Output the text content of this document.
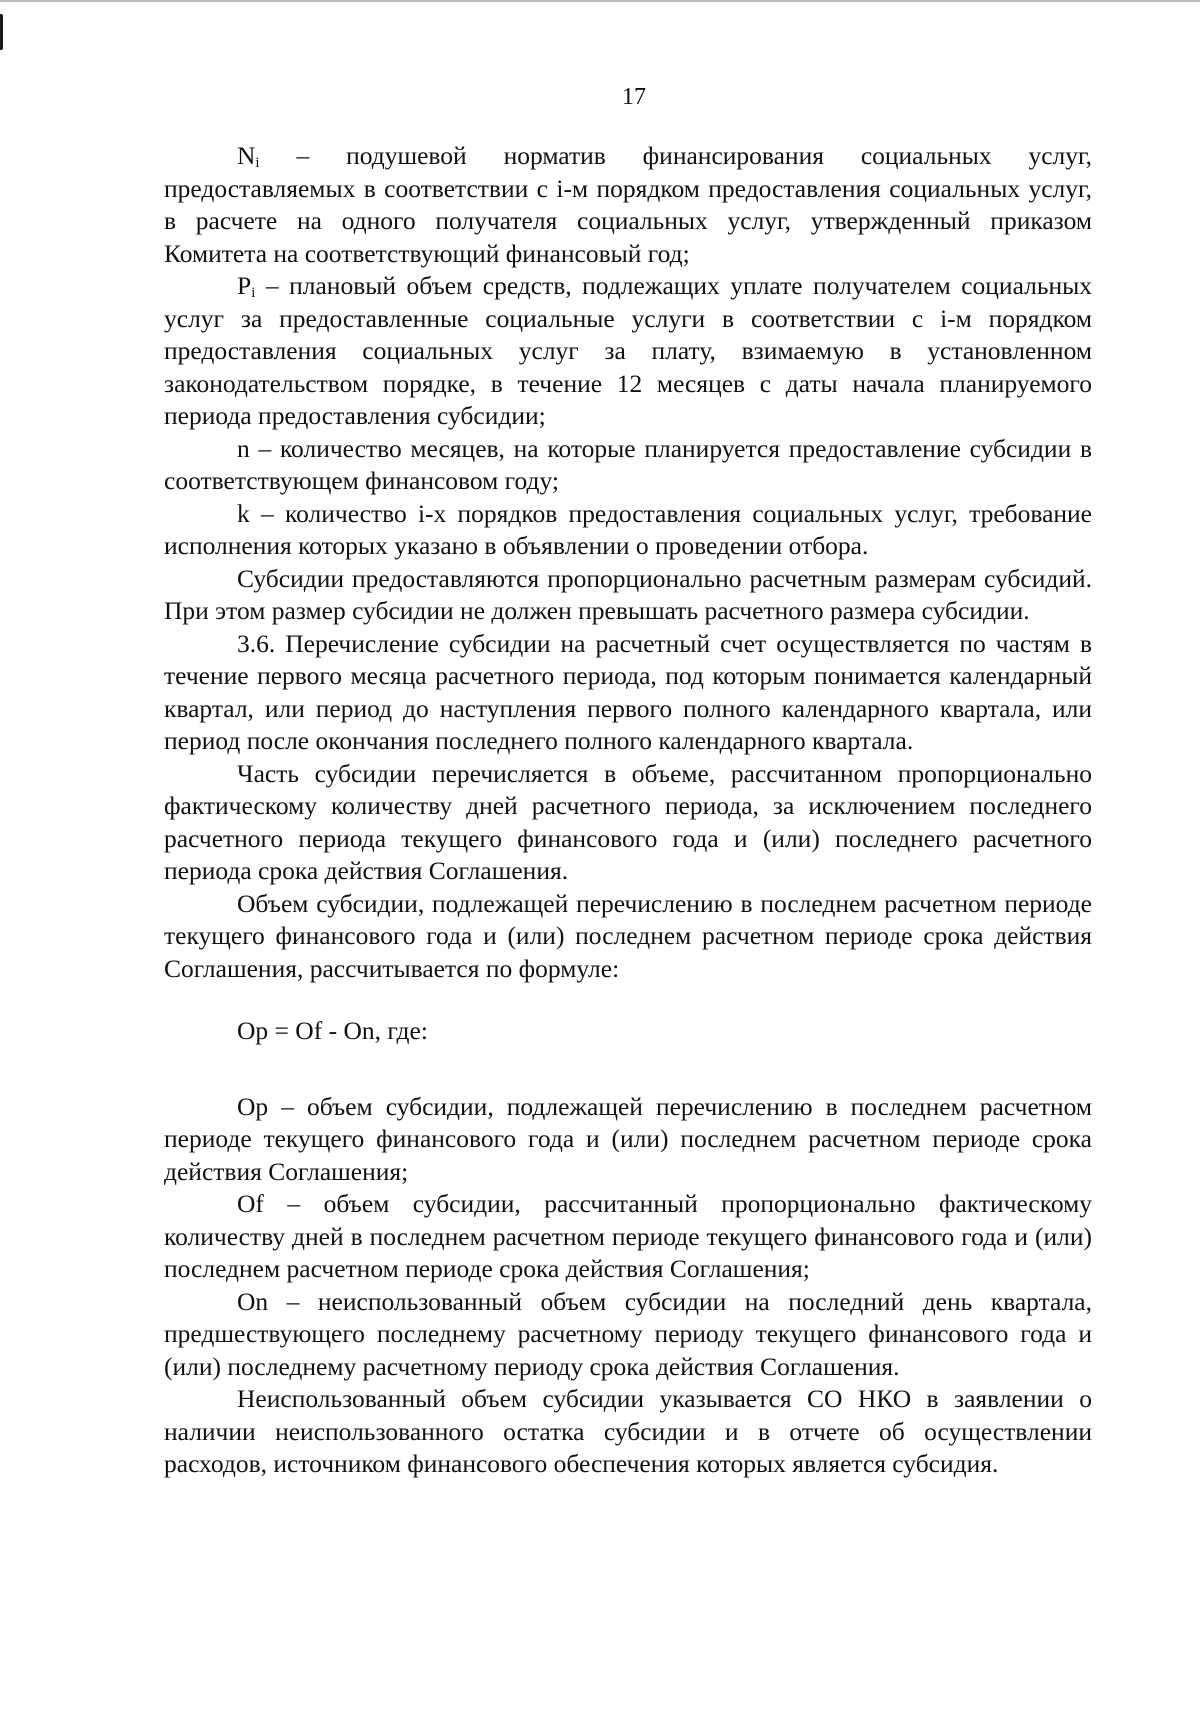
17

$N_i$ – подушевой норматив финансирования социальных услуг, предоставляемых в соответствии с i-м порядком предоставления социальных услуг, в расчете на одного получателя социальных услуг, утвержденный приказом Комитета на соответствующий финансовый год;

$P_i$ – плановый объем средств, подлежащих уплате получателем социальных услуг за предоставленные социальные услуги в соответствии с i-м порядком предоставления социальных услуг за плату, взимаемую в установленном законодательством порядке, в течение 12 месяцев с даты начала планируемого периода предоставления субсидии;

n – количество месяцев, на которые планируется предоставление субсидии в соответствующем финансовом году;

k – количество i-х порядков предоставления социальных услуг, требование исполнения которых указано в объявлении о проведении отбора.

Субсидии предоставляются пропорционально расчетным размерам субсидий. При этом размер субсидии не должен превышать расчетного размера субсидии.

3.6. Перечисление субсидии на расчетный счет осуществляется по частям в течение первого месяца расчетного периода, под которым понимается календарный квартал, или период до наступления первого полного календарного квартала, или период после окончания последнего полного календарного квартала.

Часть субсидии перечисляется в объеме, рассчитанном пропорционально фактическому количеству дней расчетного периода, за исключением последнего расчетного периода текущего финансового года и (или) последнего расчетного периода срока действия Соглашения.

Объем субсидии, подлежащей перечислению в последнем расчетном периоде текущего финансового года и (или) последнем расчетном периоде срока действия Соглашения, рассчитывается по формуле:

Op = Of - On, где:

Op – объем субсидии, подлежащей перечислению в последнем расчетном периоде текущего финансового года и (или) последнем расчетном периоде срока действия Соглашения;

Of – объем субсидии, рассчитанный пропорционально фактическому количеству дней в последнем расчетном периоде текущего финансового года и (или) последнем расчетном периоде срока действия Соглашения;

On – неиспользованный объем субсидии на последний день квартала, предшествующего последнему расчетному периоду текущего финансового года и (или) последнему расчетному периоду срока действия Соглашения.

Неиспользованный объем субсидии указывается СО НКО в заявлении о наличии неиспользованного остатка субсидии и в отчете об осуществлении расходов, источником финансового обеспечения которых является субсидия.
